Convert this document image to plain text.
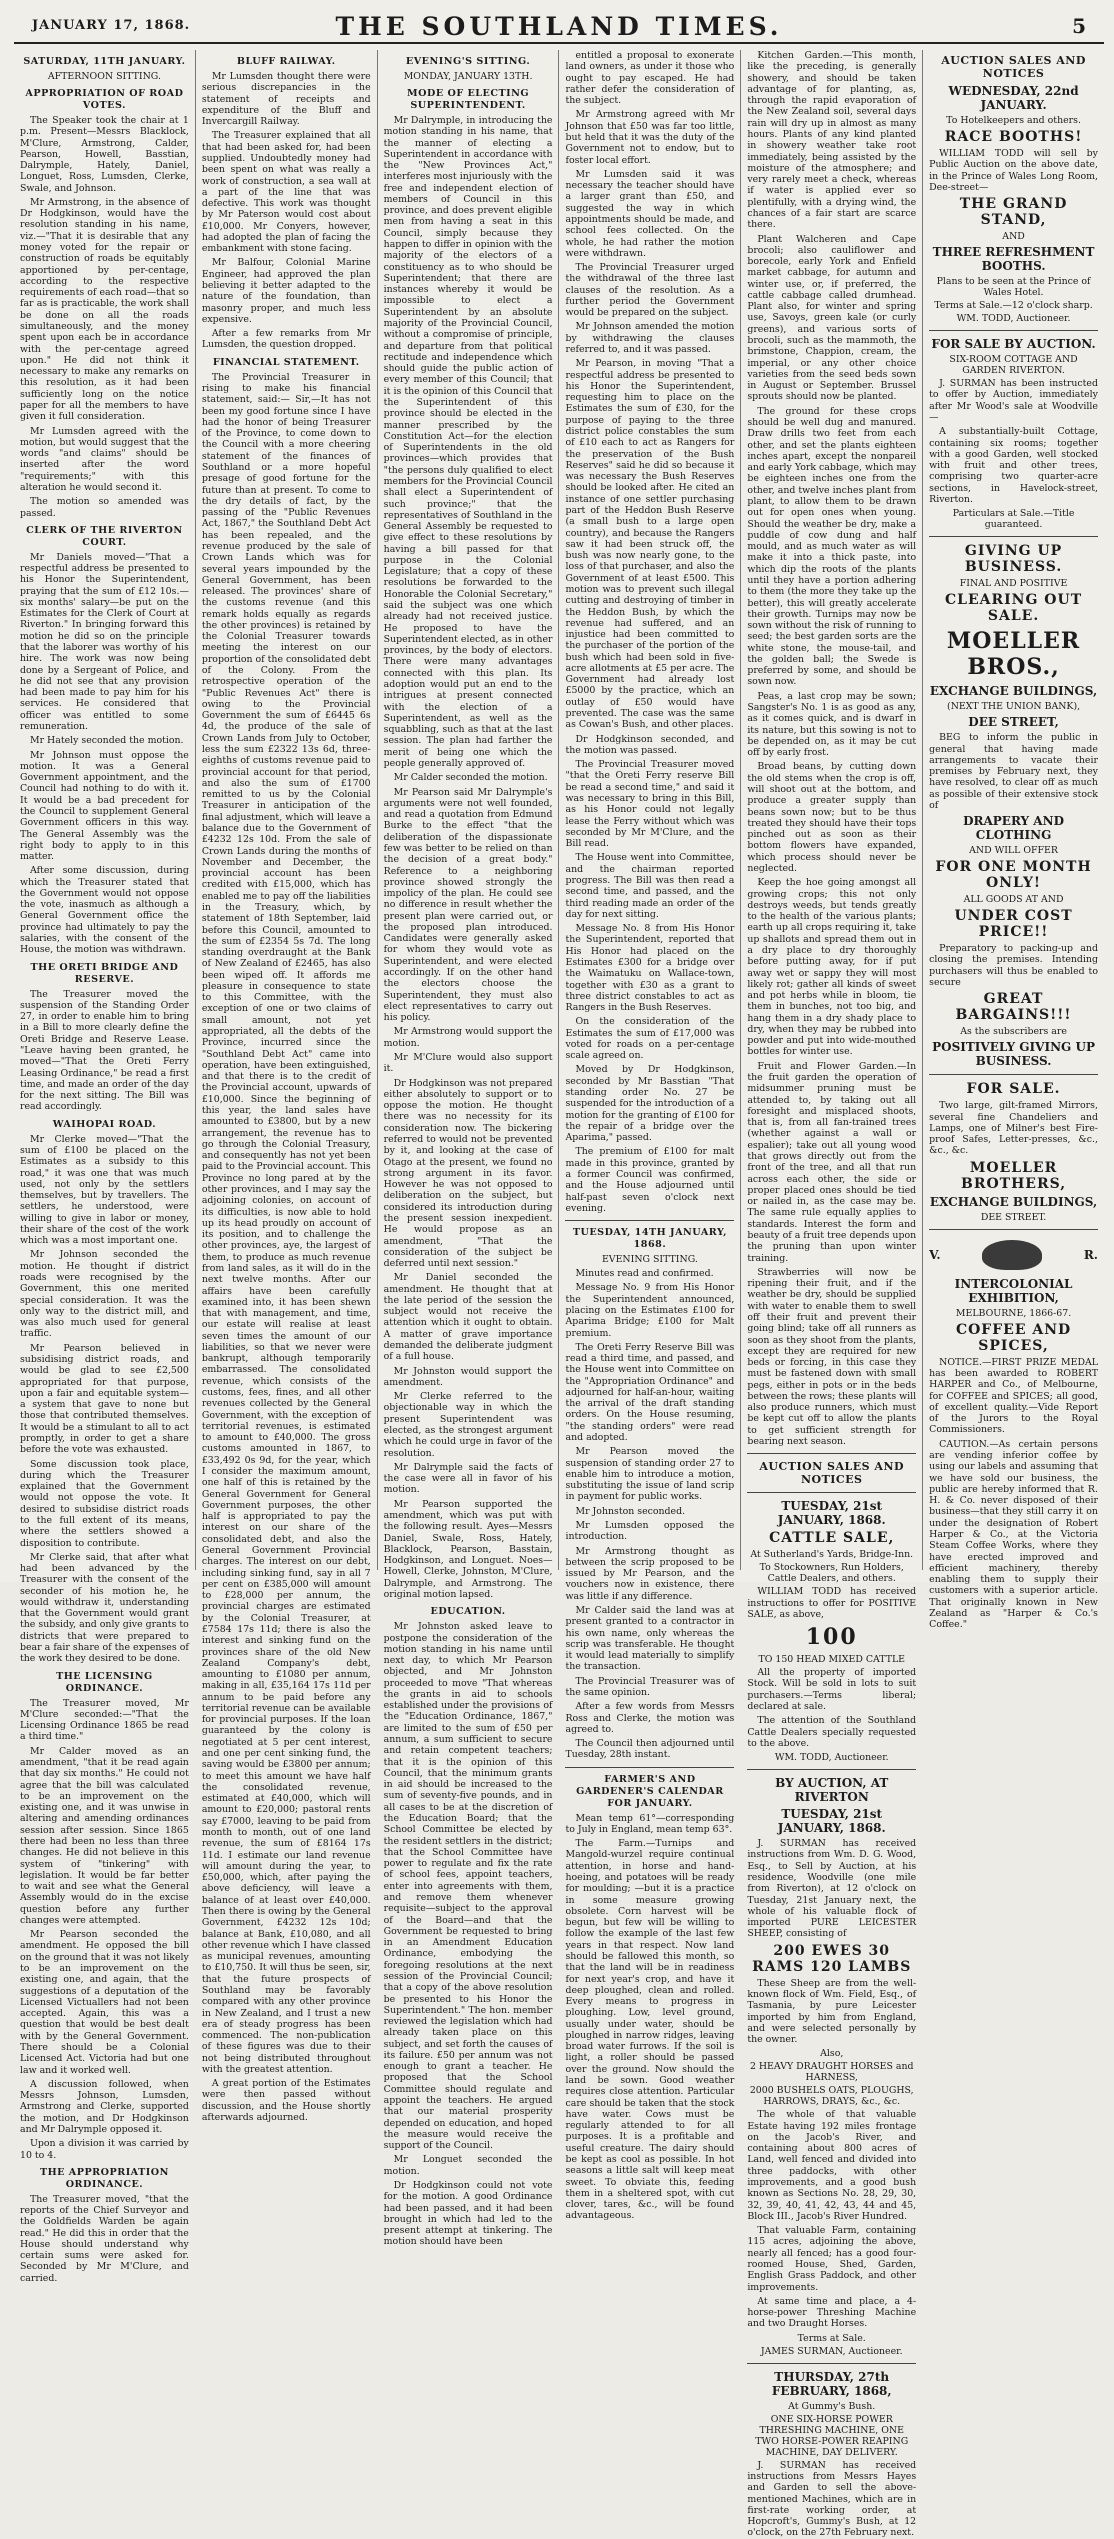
JANUARY 17, 1868.	THE SOUTHLAND TIMES.	5
SATURDAY, 11TH JANUARY.
AFTERNOON SITTING.
APPROPRIATION OF ROAD VOTES.

The Speaker took the chair at 1 p.m. Present—Messrs Blacklock, M'Clure, Armstrong, Calder, Pearson, Howell, Basstian, Dalrymple, Hately, Daniel, Longuet, Ross, Lumsden, Clerke, Swale, and Johnson.

Mr Armstrong, in the absence of Dr Hodgkinson, would have the resolution standing in his name, viz.—"That it is desirable that any money voted for the repair or construction of roads be equitably apportioned by per-centage, according to the respective requirements of each road—that so far as is practicable, the work shall be done on all the roads simultaneously, and the money spent upon each be in accordance with the per-centage agreed upon." He did not think it necessary to make any remarks on this resolution, as it had been sufficiently long on the notice paper for all the members to have given it full consideration.

Mr Lumsden agreed with the motion, but would suggest that the words "and claims" should be inserted after the word "requirements;" with this alteration he would second it.

The motion so amended was passed.

CLERK OF THE RIVERTON COURT.

Mr Daniels moved—"That a respectful address be presented to his Honor the Superintendent, praying that the sum of £12 10s.—six months' salary—be put on the Estimates for the Clerk of Court at Riverton." In bringing forward this motion he did so on the principle that the laborer was worthy of his hire. The work was now being done by a Sergeant of Police, and he did not see that any provision had been made to pay him for his services. He considered that officer was entitled to some remuneration.

Mr Hately seconded the motion.

Mr Johnson must oppose the motion. It was a General Government appointment, and the Council had nothing to do with it. It would be a bad precedent for the Council to supplement General Government officers in this way. The General Assembly was the right body to apply to in this matter.

After some discussion, during which the Treasurer stated that the Government would not oppose the vote, inasmuch as although a General Government office the province had ultimately to pay the salaries, with the consent of the House, the motion was withdrawn.

THE ORETI BRIDGE AND RESERVE.

The Treasurer moved the suspension of the Standing Order 27, in order to enable him to bring in a Bill to more clearly define the Oreti Bridge and Reserve Lease. "Leave having been granted, he moved—"That the Oreti Ferry Leasing Ordinance," be read a first time, and made an order of the day for the next sitting. The Bill was read accordingly.

WAIHOPAI ROAD.

Mr Clerke moved—"That the sum of £100 be placed on the Estimates as a subsidy to this road," it was one that was much used, not only by the settlers themselves, but by travellers. The settlers, he understood, were willing to give in labor or money, their share of the cost of the work which was a most important one.

Mr Johnson seconded the motion. He thought if district roads were recognised by the Government, this one merited special consideration. It was the only way to the district mill, and was also much used for general traffic.

Mr Pearson believed in subsidising district roads, and would be glad to see £2,500 appropriated for that purpose, upon a fair and equitable system—a system that gave to none but those that contributed themselves. It would be a stimulant to all to act promptly, in order to get a share before the vote was exhausted.

Some discussion took place, during which the Treasurer explained that the Government would not oppose the vote. It desired to subsidise district roads to the full extent of its means, where the settlers showed a disposition to contribute.

Mr Clerke said, that after what had been advanced by the Treasurer with the consent of the seconder of his motion he, he would withdraw it, understanding that the Government would grant the subsidy, and only give grants to districts that were prepared to bear a fair share of the expenses of the work they desired to be done.

THE LICENSING ORDINANCE.

The Treasurer moved, Mr M'Clure seconded:—"That the Licensing Ordinance 1865 be read a third time."

Mr Calder moved as an amendment, "that it be read again that day six months." He could not agree that the bill was calculated to be an improvement on the existing one, and it was unwise in altering and amending ordinances session after session. Since 1865 there had been no less than three changes. He did not believe in this system of "tinkering" with legislation. It would be far better to wait and see what the General Assembly would do in the excise question before any further changes were attempted.

Mr Pearson seconded the amendment. He opposed the bill on the ground that it was not likely to be an improvement on the existing one, and again, that the suggestions of a deputation of the Licensed Victuallers had not been accepted. Again, this was a question that would be best dealt with by the General Government. There should be a Colonial Licensed Act. Victoria had but one law and it worked well.

A discussion followed, when Messrs Johnson, Lumsden, Armstrong and Clerke, supported the motion, and Dr Hodgkinson and Mr Dalrymple opposed it.

Upon a division it was carried by 10 to 4.

THE APPROPRIATION ORDINANCE.

The Treasurer moved, "that the reports of the Chief Surveyor and the Goldfields Warden be again read." He did this in order that the House should understand why certain sums were asked for. Seconded by Mr M'Clure, and carried.

BLUFF RAILWAY.

Mr Lumsden thought there were serious discrepancies in the statement of receipts and expenditure of the Bluff and Invercargill Railway.

The Treasurer explained that all that had been asked for, had been supplied. Undoubtedly money had been spent on what was really a work of construction, a sea wall at a part of the line that was defective. This work was thought by Mr Paterson would cost about £10,000. Mr Conyers, however, had adopted the plan of facing the embankment with stone facing.

Mr Balfour, Colonial Marine Engineer, had approved the plan believing it better adapted to the nature of the foundation, than masonry proper, and much less expensive.

After a few remarks from Mr Lumsden, the question dropped.

FINANCIAL STATEMENT.

The Provincial Treasurer in rising to make his financial statement, said:— Sir,—It has not been my good fortune since I have had the honor of being Treasurer of the Province, to come down to the Council with a more cheering statement of the finances of Southland or a more hopeful presage of good fortune for the future than at present. To come to the dry details of fact, by the passing of the "Public Revenues Act, 1867," the Southland Debt Act has been repealed, and the revenue produced by the sale of Crown Lands which was for several years impounded by the General Government, has been released. The provinces' share of the customs revenue (and this remark holds equally as regards the other provinces) is retained by the Colonial Treasurer towards meeting the interest on our proportion of the consolidated debt of the Colony. From the retrospective operation of the "Public Revenues Act" there is owing to the Provincial Government the sum of £6445 6s 4d, the produce of the sale of Crown Lands from July to October, less the sum £2322 13s 6d, three-eighths of customs revenue paid to provincial account for that period, and also the sum of £1700 remitted to us by the Colonial Treasurer in anticipation of the final adjustment, which will leave a balance due to the Government of £4232 12s 10d. From the sale of Crown Lands during the months of November and December, the provincial account has been credited with £15,000, which has enabled me to pay off the liabilities in the Treasury, which, by statement of 18th September, laid before this Council, amounted to the sum of £2354 5s 7d. The long standing overdraught at the Bank of New Zealand of £2465, has also been wiped off. It affords me pleasure in consequence to state to this Committee, with the exception of one or two claims of small amount, not yet appropriated, all the debts of the Province, incurred since the "Southland Debt Act" came into operation, have been extinguished, and that there is to the credit of the Provincial account, upwards of £10,000. Since the beginning of this year, the land sales have amounted to £3800, but by a new arrangement, the revenue has to go through the Colonial Treasury, and consequently has not yet been paid to the Provincial account. This Province no long pared at by the other provinces, and I may say the adjoining colonies, on account of its difficulties, is now able to hold up its head proudly on account of its position, and to challenge the other provinces, aye, the largest of them, to produce as much revenue from land sales, as it will do in the next twelve months. After our affairs have been carefully examined into, it has been shewn that with management, and time, our estate will realise at least seven times the amount of our liabilities, so that we never were bankrupt, although temporarily embarrassed. The consolidated revenue, which consists of the customs, fees, fines, and all other revenues collected by the General Government, with the exception of territorial revenues, is estimated to amount to £40,000. The gross customs amounted in 1867, to £33,492 0s 9d, for the year, which I consider the maximum amount, one half of this is retained by the General Government for General Government purposes, the other half is appropriated to pay the interest on our share of the consolidated debt, and also the General Government Provincial charges. The interest on our debt, including sinking fund, say in all 7 per cent on £385,000 will amount to £28,000 per annum, the provincial charges are estimated by the Colonial Treasurer, at £7584 17s 11d; there is also the interest and sinking fund on the provinces share of the old New Zealand Company's debt, amounting to £1080 per annum, making in all, £35,164 17s 11d per annum to be paid before any territorial revenue can be available for provincial purposes. If the loan guaranteed by the colony is negotiated at 5 per cent interest, and one per cent sinking fund, the saving would be £3800 per annum; to meet this amount we have half the consolidated revenue, estimated at £40,000, which will amount to £20,000; pastoral rents say £7000, leaving to be paid from month to month, out of one land revenue, the sum of £8164 17s 11d. I estimate our land revenue will amount during the year, to £50,000, which, after paying the above deficiency, will leave a balance of at least over £40,000. Then there is owing by the General Government, £4232 12s 10d; balance at Bank, £10,080, and all other revenue which I have classed as municipal revenues, amounting to £10,750. It will thus be seen, sir, that the future prospects of Southland may be favorably compared with any other province in New Zealand, and I trust a new era of steady progress has been commenced. The non-publication of these figures was due to their not being distributed throughout with the greatest attention.

A great portion of the Estimates were then passed without discussion, and the House shortly afterwards adjourned.

EVENING'S SITTING.
MONDAY, JANUARY 13TH.
MODE OF ELECTING SUPERINTENDENT.

Mr Dalrymple, in introducing the motion standing in his name, that the manner of electing a Superintendent in accordance with the "New Provinces Act," interferes most injuriously with the free and independent election of members of Council in this province, and does prevent eligible men from having a seat in this Council, simply because they happen to differ in opinion with the majority of the electors of a constituency as to who should be Superintendent; that there are instances whereby it would be impossible to elect a Superintendent by an absolute majority of the Provincial Council, without a compromise of principle, and departure from that political rectitude and independence which should guide the public action of every member of this Council; that it is the opinion of this Council that the Superintendent of this province should be elected in the manner prescribed by the Constitution Act—for the election of Superintendents in the old provinces—which provides that "the persons duly qualified to elect members for the Provincial Council shall elect a Superintendent of such province;" that the representatives of Southland in the General Assembly be requested to give effect to these resolutions by having a bill passed for that purpose in the Colonial Legislature; that a copy of these resolutions be forwarded to the Honorable the Colonial Secretary," said the subject was one which already had not received justice. He proposed to have the Superintendent elected, as in other provinces, by the body of electors. There were many advantages connected with this plan. Its adoption would put an end to the intrigues at present connected with the election of a Superintendent, as well as the squabbling, such as that at the last session. The plan had farther the merit of being one which the people generally approved of.

Mr Calder seconded the motion.

Mr Pearson said Mr Dalrymple's arguments were not well founded, and read a quotation from Edmund Burke to the effect "that the deliberation of the dispassionate few was better to be relied on than the decision of a great body." Reference to a neighboring province showed strongly the impolicy of the plan. He could see no difference in result whether the present plan were carried out, or the proposed plan introduced. Candidates were generally asked for whom they would vote as Superintendent, and were elected accordingly. If on the other hand the electors choose the Superintendent, they must also elect representatives to carry out his policy.

Mr Armstrong would support the motion.

Mr M'Clure would also support it.

Dr Hodgkinson was not prepared either absolutely to support or to oppose the motion. He thought there was no necessity for its consideration now. The bickering referred to would not be prevented by it, and looking at the case of Otago at the present, we found no strong argument in its favor. However he was not opposed to deliberation on the subject, but considered its introduction during the present session inexpedient. He would propose as an amendment, "That the consideration of the subject be deferred until next session."

Mr Daniel seconded the amendment. He thought that at the late period of the session the subject would not receive the attention which it ought to obtain. A matter of grave importance demanded the deliberate judgment of a full house.

Mr Johnston would support the amendment.

Mr Clerke referred to the objectionable way in which the present Superintendent was elected, as the strongest argument which he could urge in favor of the resolution.

Mr Dalrymple said the facts of the case were all in favor of his motion.

Mr Pearson supported the amendment, which was put with the following result. Ayes—Messrs Daniel, Swale, Ross, Hately, Blacklock, Pearson, Basstain, Hodgkinson, and Longuet. Noes—Howell, Clerke, Johnston, M'Clure, Dalrymple, and Armstrong. The original motion lapsed.

EDUCATION.

Mr Johnston asked leave to postpone the consideration of the motion standing in his name until next day, to which Mr Pearson objected, and Mr Johnston proceeded to move "That whereas the grants in aid to schools established under the provisions of the "Education Ordinance, 1867," are limited to the sum of £50 per annum, a sum sufficient to secure and retain competent teachers; that it is the opinion of this Council, that the minimum grants in aid should be increased to the sum of seventy-five pounds, and in all cases to be at the discretion of the Education Board; that the School Committee be elected by the resident settlers in the district; that the School Committee have power to regulate and fix the rate of school fees, appoint teachers, enter into agreements with them, and remove them whenever requisite—subject to the approval of the Board—and that the Government be requested to bring in an Amendment Education Ordinance, embodying the foregoing resolutions at the next session of the Provincial Council; that a copy of the above resolution be presented to his Honor the Superintendent." The hon. member reviewed the legislation which had already taken place on this subject, and set forth the causes of its failure. £50 per annum was not enough to grant a teacher. He proposed that the School Committee should regulate and appoint the teachers. He argued that our material prosperity depended on education, and hoped the measure would receive the support of the Council.

Mr Longuet seconded the motion.

Dr Hodgkinson could not vote for the motion. A good Ordinance had been passed, and it had been brought in which had led to the present attempt at tinkering. The motion should have been

entitled a proposal to exonerate land owners, as under it those who ought to pay escaped. He had rather defer the consideration of the subject.

Mr Armstrong agreed with Mr Johnson that £50 was far too little, but held that it was the duty of the Government not to endow, but to foster local effort.

Mr Lumsden said it was necessary the teacher should have a larger grant than £50, and suggested the way in which appointments should be made, and school fees collected. On the whole, he had rather the motion were withdrawn.

The Provincial Treasurer urged the withdrawal of the three last clauses of the resolution. As a further period the Government would be prepared on the subject.

Mr Johnson amended the motion by withdrawing the clauses referred to, and it was passed.

Mr Pearson, in moving "That a respectful address be presented to his Honor the Superintendent, requesting him to place on the Estimates the sum of £30, for the purpose of paying to the three district police constables the sum of £10 each to act as Rangers for the preservation of the Bush Reserves" said he did so because it was necessary the Bush Reserves should be looked after. He cited an instance of one settler purchasing part of the Heddon Bush Reserve (a small bush to a large open country), and because the Rangers saw it had been struck off, the bush was now nearly gone, to the loss of that purchaser, and also the Government of at least £500. This motion was to prevent such illegal cutting and destroying of timber in the Heddon Bush, by which the revenue had suffered, and an injustice had been committed to the purchaser of the portion of the bush which had been sold in five-acre allotments at £5 per acre. The Government had already lost £5000 by the practice, which an outlay of £50 would have prevented. The case was the same as Cowan's Bush, and other places.

Dr Hodgkinson seconded, and the motion was passed.

The Provincial Treasurer moved "that the Oreti Ferry reserve Bill be read a second time," and said it was necessary to bring in this Bill, as his Honor could not legally lease the Ferry without which was seconded by Mr M'Clure, and the Bill read.

The House went into Committee, and the chairman reported progress. The Bill was then read a second time, and passed, and the third reading made an order of the day for next sitting.

Message No. 8 from His Honor the Superintendent, reported that His Honor had placed on the Estimates £300 for a bridge over the Waimatuku on Wallace-town, together with £30 as a grant to three district constables to act as Rangers in the Bush Reserves.

On the consideration of the Estimates the sum of £17,000 was voted for roads on a per-centage scale agreed on.

Moved by Dr Hodgkinson, seconded by Mr Basstian "That standing order No. 27 be suspended for the introduction of a motion for the granting of £100 for the repair of a bridge over the Aparima," passed.

The premium of £100 for malt made in this province, granted by a former Council was confirmed, and the House adjourned until half-past seven o'clock next evening.

TUESDAY, 14TH JANUARY, 1868.
EVENING SITTING.

Minutes read and confirmed.

Message No. 9 from His Honor the Superintendent announced, placing on the Estimates £100 for Aparima Bridge; £100 for Malt premium.

The Oreti Ferry Reserve Bill was read a third time, and passed, and the House went into Committee on the "Appropriation Ordinance" and adjourned for half-an-hour, waiting the arrival of the draft standing orders. On the House resuming, "the standing orders" were read and adopted.

Mr Pearson moved the suspension of standing order 27 to enable him to introduce a motion, substituting the issue of land scrip in payment for public works.

Mr Johnston seconded.

Mr Lumsden opposed the introduction.

Mr Armstrong thought as between the scrip proposed to be issued by Mr Pearson, and the vouchers now in existence, there was little if any difference.

Mr Calder said the land was at present granted to a contractor in his own name, only whereas the scrip was transferable. He thought it would lead materially to simplify the transaction.

The Provincial Treasurer was of the same opinion.

After a few words from Messrs Ross and Clerke, the motion was agreed to.

The Council then adjourned until Tuesday, 28th instant.

FARMER'S AND GARDENER'S CALENDAR FOR JANUARY.

Mean temp 61°—corresponding to July in England, mean temp 63°.

The Farm.—Turnips and Mangold-wurzel require continual attention, in horse and hand-hoeing, and potatoes will be ready for moulding; —but it is a practice in some measure growing obsolete. Corn harvest will be begun, but few will be willing to follow the example of the last few years in that respect. Now land should be fallowed this month, so that the land will be in readiness for next year's crop, and have it deep ploughed, clean and rolled. Every means to progress in ploughing. Low, level ground, usually under water, should be ploughed in narrow ridges, leaving broad water furrows. If the soil is light, a roller should be passed over the ground. Now should the land be sown. Good weather requires close attention. Particular care should be taken that the stock have water. Cows must be regularly attended to for all purposes. It is a profitable and useful creature. The dairy should be kept as cool as possible. In hot seasons a little salt will keep meat sweet. To obviate this, feeding them in a sheltered spot, with cut clover, tares, &c., will be found advantageous.

Kitchen Garden.—This month, like the preceding, is generally showery, and should be taken advantage of for planting, as, through the rapid evaporation of the New Zealand soil, several days rain will dry up in almost as many hours. Plants of any kind planted in showery weather take root immediately, being assisted by the moisture of the atmosphere; and very rarely meet a check, whereas if water is applied ever so plentifully, with a drying wind, the chances of a fair start are scarce there.

Plant Walcheren and Cape brocoli; also cauliflower and borecole, early York and Enfield market cabbage, for autumn and winter use, or, if preferred, the cattle cabbage called drumhead. Plant also, for winter and spring use, Savoys, green kale (or curly greens), and various sorts of brocoli, such as the mammoth, the brimstone, Chappion, cream, the imperial, or any other choice varieties from the seed beds sown in August or September. Brussel sprouts should now be planted.

The ground for these crops should be well dug and manured. Draw drills two feet from each other, and set the plants eighteen inches apart, except the nonpareil and early York cabbage, which may be eighteen inches one from the other, and twelve inches plant from plant, to allow them to be drawn out for open ones when young. Should the weather be dry, make a puddle of cow dung and half mould, and as much water as will make it into a thick paste, into which dip the roots of the plants until they have a portion adhering to them (the more they take up the better), this will greatly accelerate their growth. Turnips may now be sown without the risk of running to seed; the best garden sorts are the white stone, the mouse-tail, and the golden ball; the Swede is preferred by some, and should be sown now.

Peas, a last crop may be sown; Sangster's No. 1 is as good as any, as it comes quick, and is dwarf in its nature, but this sowing is not to be depended on, as it may be cut off by early frost.

Broad beans, by cutting down the old stems when the crop is off, will shoot out at the bottom, and produce a greater supply than beans sown now; but to be thus treated they should have their tops pinched out as soon as their bottom flowers have expanded, which process should never be neglected.

Keep the hoe going amongst all growing crops; this not only destroys weeds, but tends greatly to the health of the various plants; earth up all crops requiring it, take up shallots and spread them out in a dry place to dry thoroughly before putting away, for if put away wet or sappy they will most likely rot; gather all kinds of sweet and pot herbs while in bloom, tie them in bunches, not too big, and hang them in a dry shady place to dry, when they may be rubbed into powder and put into wide-mouthed bottles for winter use.

Fruit and Flower Garden.—In the fruit garden the operation of midsummer pruning must be attended to, by taking out all foresight and misplaced shoots, that is, from all fan-trained trees (whether against a wall or espalier); take out all young wood that grows directly out from the front of the tree, and all that run across each other, the side or proper placed ones should be tied or nailed in, as the case may be. The same rule equally applies to standards. Interest the form and beauty of a fruit tree depends upon the pruning than upon winter training.

Strawberries will now be ripening their fruit, and if the weather be dry, should be supplied with water to enable them to swell off their fruit and prevent their going blind; take off all runners as soon as they shoot from the plants, except they are required for new beds or forcing, in this case they must be fastened down with small pegs, either in pots or in the beds between the rows; these plants will also produce runners, which must be kept cut off to allow the plants to get sufficient strength for bearing next season.

AUCTION SALES AND NOTICES
TUESDAY, 21st JANUARY, 1868.
CATTLE SALE,
At Sutherland's Yards, Bridge-Inn.
To Stockowners, Run Holders, Cattle Dealers, and others.

WILLIAM TODD has received instructions to offer for POSITIVE SALE, as above,

100
TO 150 HEAD MIXED CATTLE

All the property of imported Stock. Will be sold in lots to suit purchasers.—Terms liberal; declared at sale.

The attention of the Southland Cattle Dealers specially requested to the above.

WM. TODD, Auctioneer.
BY AUCTION, AT RIVERTON
TUESDAY, 21st JANUARY, 1868.

J. SURMAN has received instructions from Wm. D. G. Wood, Esq., to Sell by Auction, at his residence, Woodville (one mile from Riverton), at 12 o'clock on Tuesday, 21st January next, the whole of his valuable flock of imported PURE LEICESTER SHEEP, consisting of

200 EWES 30 RAMS 120 LAMBS

These Sheep are from the well-known flock of Wm. Field, Esq., of Tasmania, by pure Leicester imported by him from England, and were selected personally by the owner.

Also,
2 HEAVY DRAUGHT HORSES and HARNESS,
2000 BUSHELS OATS, PLOUGHS, HARROWS, DRAYS, &c., &c.

The whole of that valuable Estate having 192 miles frontage on the Jacob's River, and containing about 800 acres of Land, well fenced and divided into three paddocks, with other improvements, and a good bush known as Sections No. 28, 29, 30, 32, 39, 40, 41, 42, 43, 44 and 45, Block III., Jacob's River Hundred.

That valuable Farm, containing 115 acres, adjoining the above, nearly all fenced; has a good four-roomed House, Shed, Garden, English Grass Paddock, and other improvements.

At same time and place, a 4-horse-power Threshing Machine and two Draught Horses.

Terms at Sale.
JAMES SURMAN, Auctioneer.
THURSDAY, 27th FEBRUARY, 1868,
At Gummy's Bush.
ONE SIX-HORSE POWER THRESHING MACHINE, ONE TWO HORSE-POWER REAPING MACHINE, DAY DELIVERY.

J. SURMAN has received instructions from Messrs Hayes and Garden to sell the above-mentioned Machines, which are in first-rate working order, at Hopcroft's, Gummy's Bush, at 12 o'clock, on the 27th February next.

AUCTION SALES AND NOTICES
WEDNESDAY, 22nd JANUARY.
To Hotelkeepers and others.
RACE BOOTHS!

WILLIAM TODD will sell by Public Auction on the above date, in the Prince of Wales Long Room, Dee-street—

THE GRAND STAND,
AND
THREE REFRESHMENT BOOTHS.
Plans to be seen at the Prince of Wales Hotel.
Terms at Sale.—12 o'clock sharp.
WM. TODD, Auctioneer.
FOR SALE BY AUCTION.
SIX-ROOM COTTAGE AND GARDEN RIVERTON.

J. SURMAN has been instructed to offer by Auction, immediately after Mr Wood's sale at Woodville—

A substantially-built Cottage, containing six rooms; together with a good Garden, well stocked with fruit and other trees, comprising two quarter-acre sections, in Havelock-street, Riverton.

Particulars at Sale.—Title guaranteed.
GIVING UP BUSINESS.
FINAL AND POSITIVE
CLEARING OUT SALE.
MOELLER BROS.,
EXCHANGE BUILDINGS,
(NEXT THE UNION BANK),
DEE STREET,

BEG to inform the public in general that having made arrangements to vacate their premises by February next, they have resolved, to clear off as much as possible of their extensive stock of

DRAPERY AND CLOTHING
AND WILL OFFER
FOR ONE MONTH ONLY!
ALL GOODS AT AND
UNDER COST PRICE!!

Preparatory to packing-up and closing the premises. Intending purchasers will thus be enabled to secure

GREAT BARGAINS!!!
As the subscribers are
POSITIVELY GIVING UP BUSINESS.
FOR SALE.

Two large, gilt-framed Mirrors, several fine Chandeliers and Lamps, one of Milner's best Fire-proof Safes, Letter-presses, &c., &c., &c.

MOELLER BROTHERS,
EXCHANGE BUILDINGS,
DEE STREET.
V.	R.
INTERCOLONIAL EXHIBITION,
MELBOURNE, 1866-67.
COFFEE AND SPICES,

NOTICE.—FIRST PRIZE MEDAL has been awarded to ROBERT HARPER and Co., of Melbourne, for COFFEE and SPICES; all good, of excellent quality.—Vide Report of the Jurors to the Royal Commissioners.

CAUTION.—As certain persons are vending inferior coffee by using our labels and assuming that we have sold our business, the public are hereby informed that R. H. & Co. never disposed of their business—that they still carry it on under the designation of Robert Harper & Co., at the Victoria Steam Coffee Works, where they have erected improved and efficient machinery, thereby enabling them to supply their customers with a superior article. That originally known in New Zealand as "Harper & Co.'s Coffee."
